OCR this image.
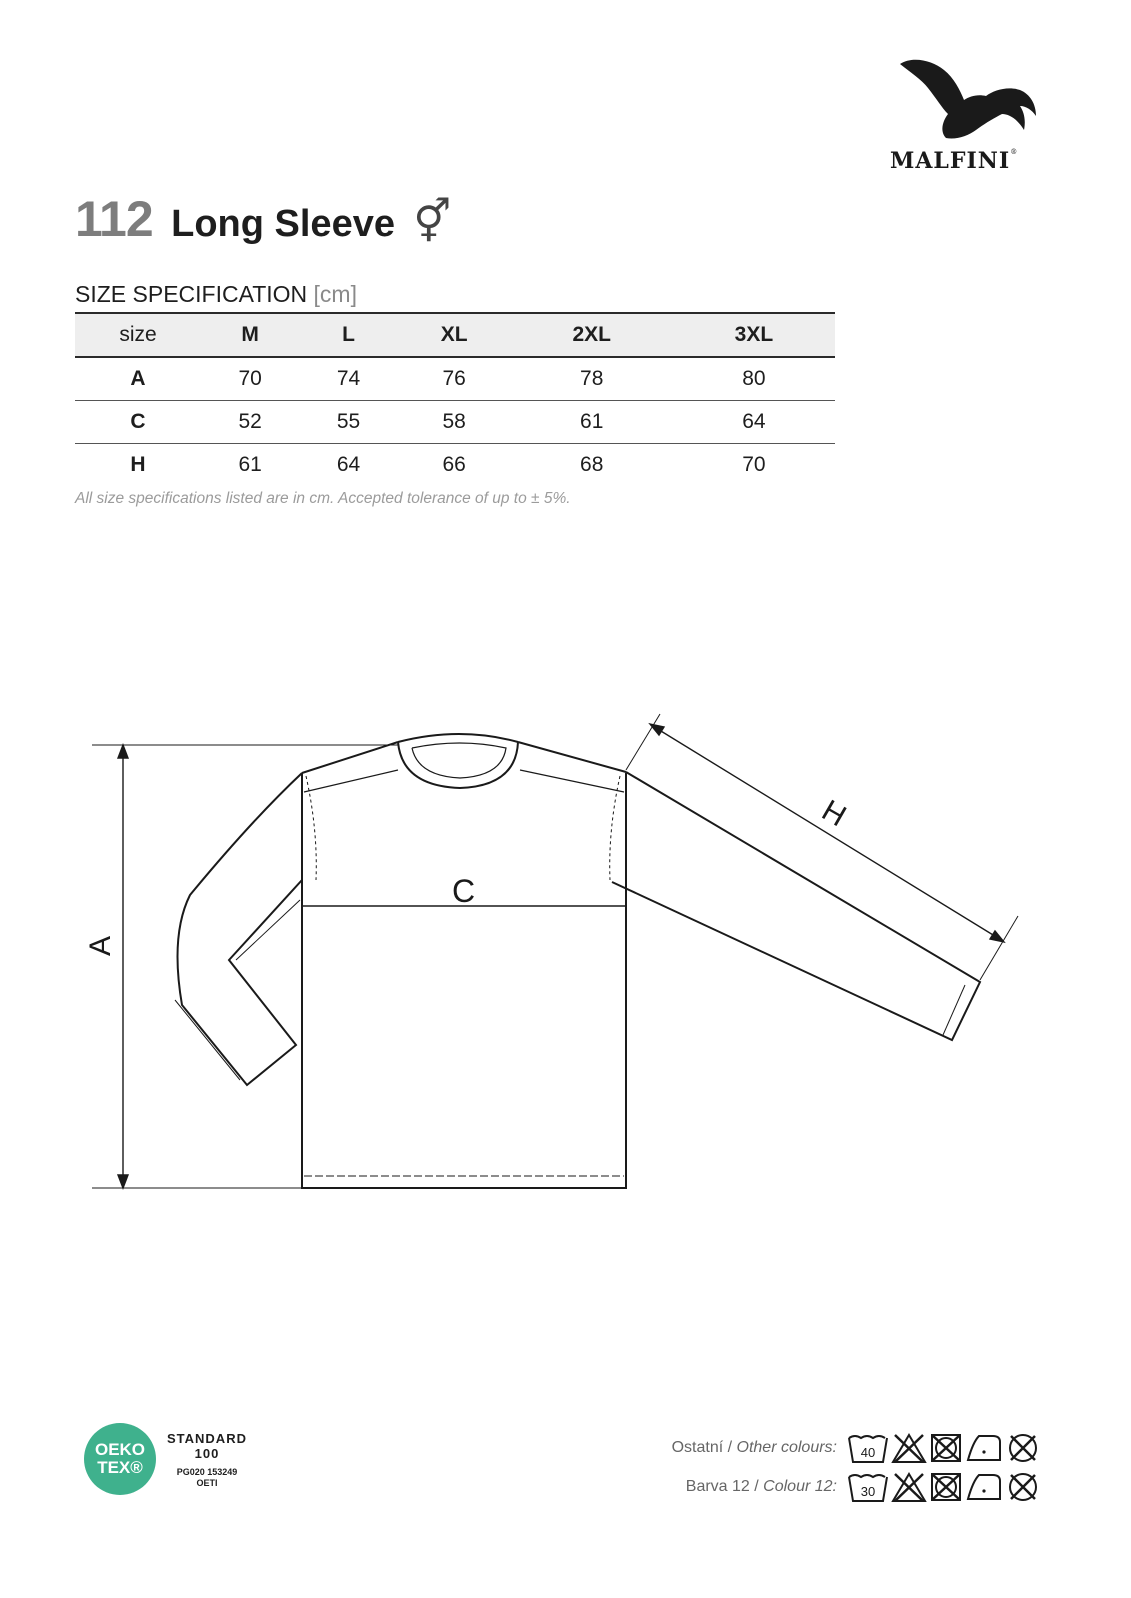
MALFINI®
112 Long Sleeve ⚥
SIZE SPECIFICATION [cm]
size	M	L	XL	2XL	3XL
A	70	74	76	78	80
C	52	55	58	61	64
H	61	64	66	68	70
All size specifications listed are in cm. Accepted tolerance of up to ± 5%.
A
C
H
OEKO
TEX®
STANDARD
100
PG020 153249
OETI
Ostatní / Other colours: 40
Barva 12 / Colour 12: 30
